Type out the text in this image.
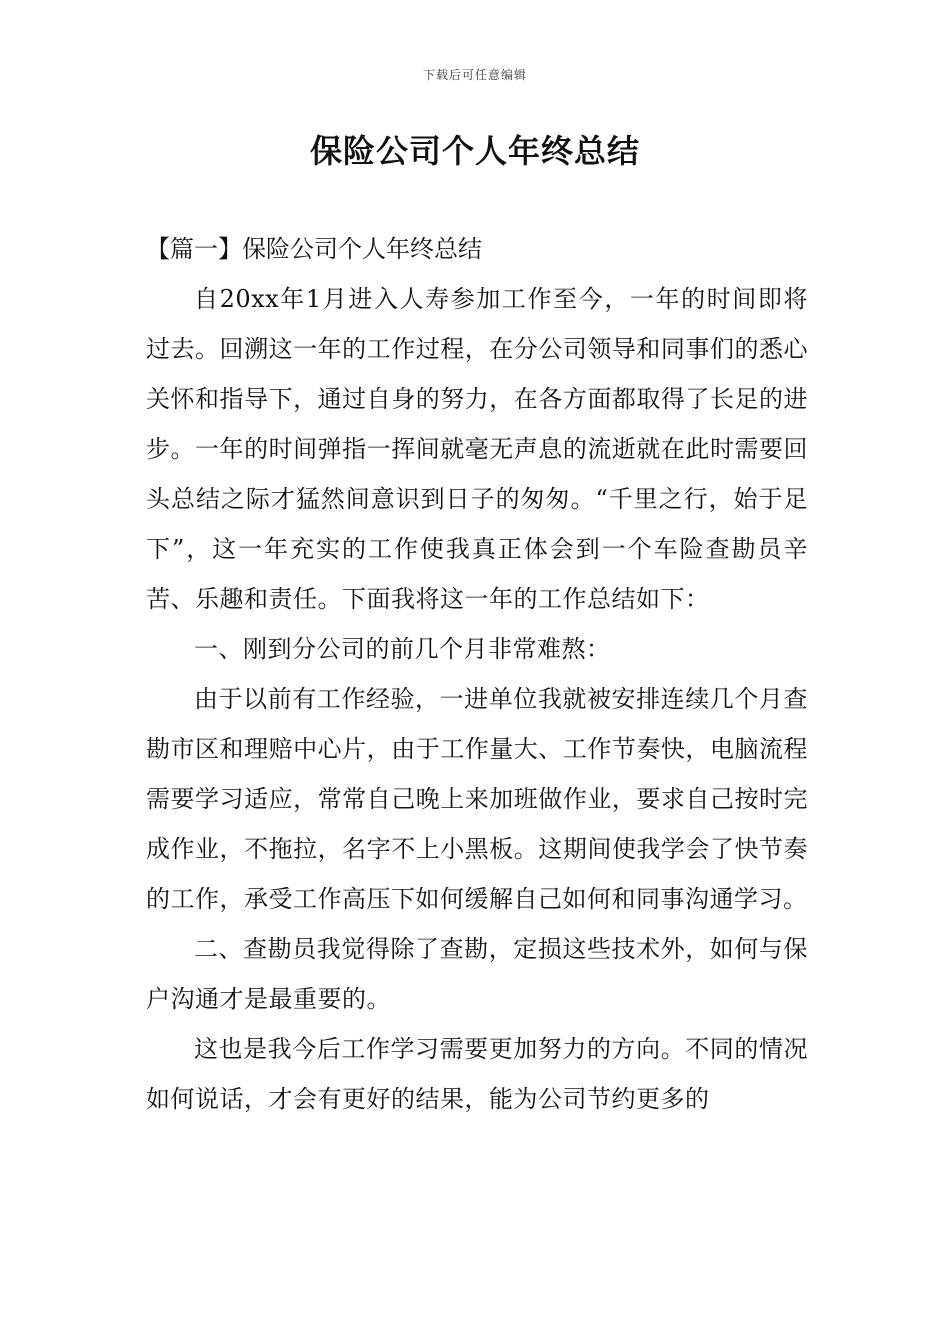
下载后可任意编辑
保险公司个人年终总结

【篇一】保险公司个人年终总结

自20xx年1月进入人寿参加工作至今，一年的时间即将过去。回溯这一年的工作过程，在分公司领导和同事们的悉心关怀和指导下，通过自身的努力，在各方面都取得了长足的进步。一年的时间弹指一挥间就毫无声息的流逝就在此时需要回头总结之际才猛然间意识到日子的匆匆。“千里之行，始于足下”，这一年充实的工作使我真正体会到一个车险查勘员辛苦、乐趣和责任。下面我将这一年的工作总结如下：

一、刚到分公司的前几个月非常难熬：

由于以前有工作经验，一进单位我就被安排连续几个月查勘市区和理赔中心片，由于工作量大、工作节奏快，电脑流程需要学习适应，常常自己晚上来加班做作业，要求自己按时完成作业，不拖拉，名字不上小黑板。这期间使我学会了快节奏的工作，承受工作高压下如何缓解自己如何和同事沟通学习。

二、查勘员我觉得除了查勘，定损这些技术外，如何与保户沟通才是最重要的。

这也是我今后工作学习需要更加努力的方向。不同的情况如何说话，才会有更好的结果，能为公司节约更多的
